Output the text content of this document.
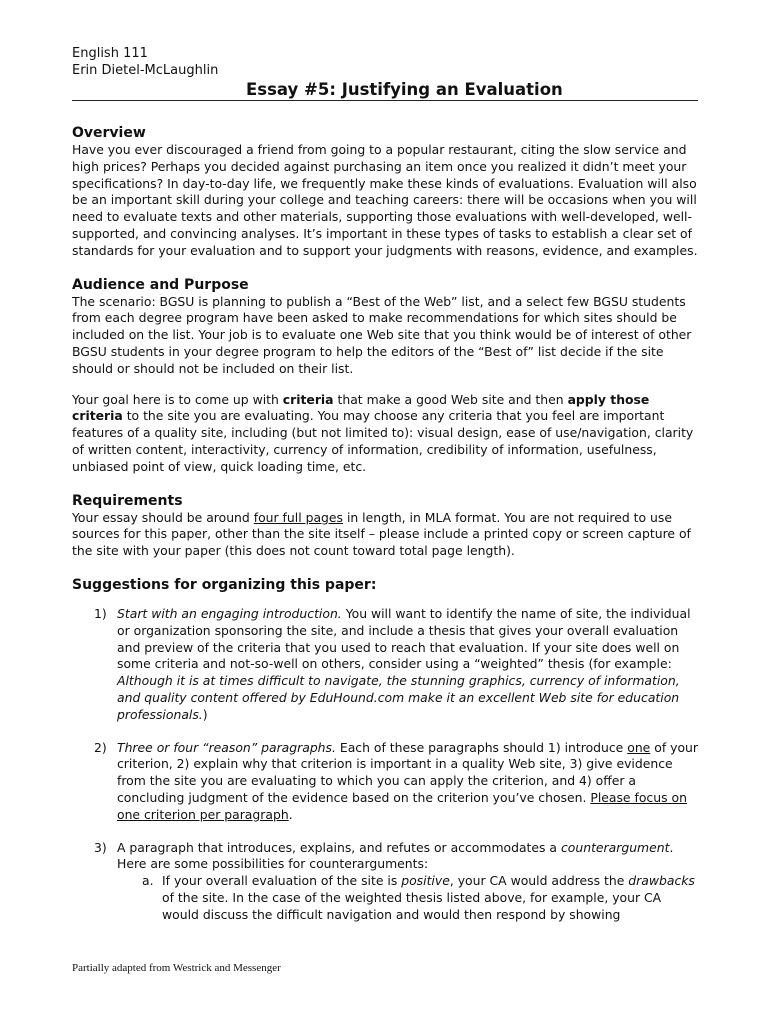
English 111
Erin Dietel-McLaughlin
Essay #5: Justifying an Evaluation
Overview

Have you ever discouraged a friend from going to a popular restaurant, citing the slow service and high prices? Perhaps you decided against purchasing an item once you realized it didn’t meet your specifications? In day-to-day life, we frequently make these kinds of evaluations. Evaluation will also be an important skill during your college and teaching careers: there will be occasions when you will need to evaluate texts and other materials, supporting those evaluations with well-developed, well-supported, and convincing analyses. It’s important in these types of tasks to establish a clear set of standards for your evaluation and to support your judgments with reasons, evidence, and examples.

Audience and Purpose

The scenario: BGSU is planning to publish a “Best of the Web” list, and a select few BGSU students from each degree program have been asked to make recommendations for which sites should be included on the list. Your job is to evaluate one Web site that you think would be of interest of other BGSU students in your degree program to help the editors of the “Best of” list decide if the site should or should not be included on their list.

Your goal here is to come up with criteria that make a good Web site and then apply those criteria to the site you are evaluating. You may choose any criteria that you feel are important features of a quality site, including (but not limited to): visual design, ease of use/navigation, clarity of written content, interactivity, currency of information, credibility of information, usefulness, unbiased point of view, quick loading time, etc.

Requirements

Your essay should be around four full pages in length, in MLA format. You are not required to use sources for this paper, other than the site itself – please include a printed copy or screen capture of the site with your paper (this does not count toward total page length).

Suggestions for organizing this paper:
1) Start with an engaging introduction. You will want to identify the name of site, the individual or organization sponsoring the site, and include a thesis that gives your overall evaluation and preview of the criteria that you used to reach that evaluation. If your site does well on some criteria and not-so-well on others, consider using a “weighted” thesis (for example: Although it is at times difficult to navigate, the stunning graphics, currency of information, and quality content offered by EduHound.com make it an excellent Web site for education professionals.)
2) Three or four “reason” paragraphs. Each of these paragraphs should 1) introduce one of your criterion, 2) explain why that criterion is important in a quality Web site, 3) give evidence from the site you are evaluating to which you can apply the criterion, and 4) offer a concluding judgment of the evidence based on the criterion you’ve chosen. Please focus on one criterion per paragraph.
3) A paragraph that introduces, explains, and refutes or accommodates a counterargument. Here are some possibilities for counterarguments:
a. If your overall evaluation of the site is positive, your CA would address the drawbacks of the site. In the case of the weighted thesis listed above, for example, your CA would discuss the difficult navigation and would then respond by showing
Partially adapted from Westrick and Messenger
